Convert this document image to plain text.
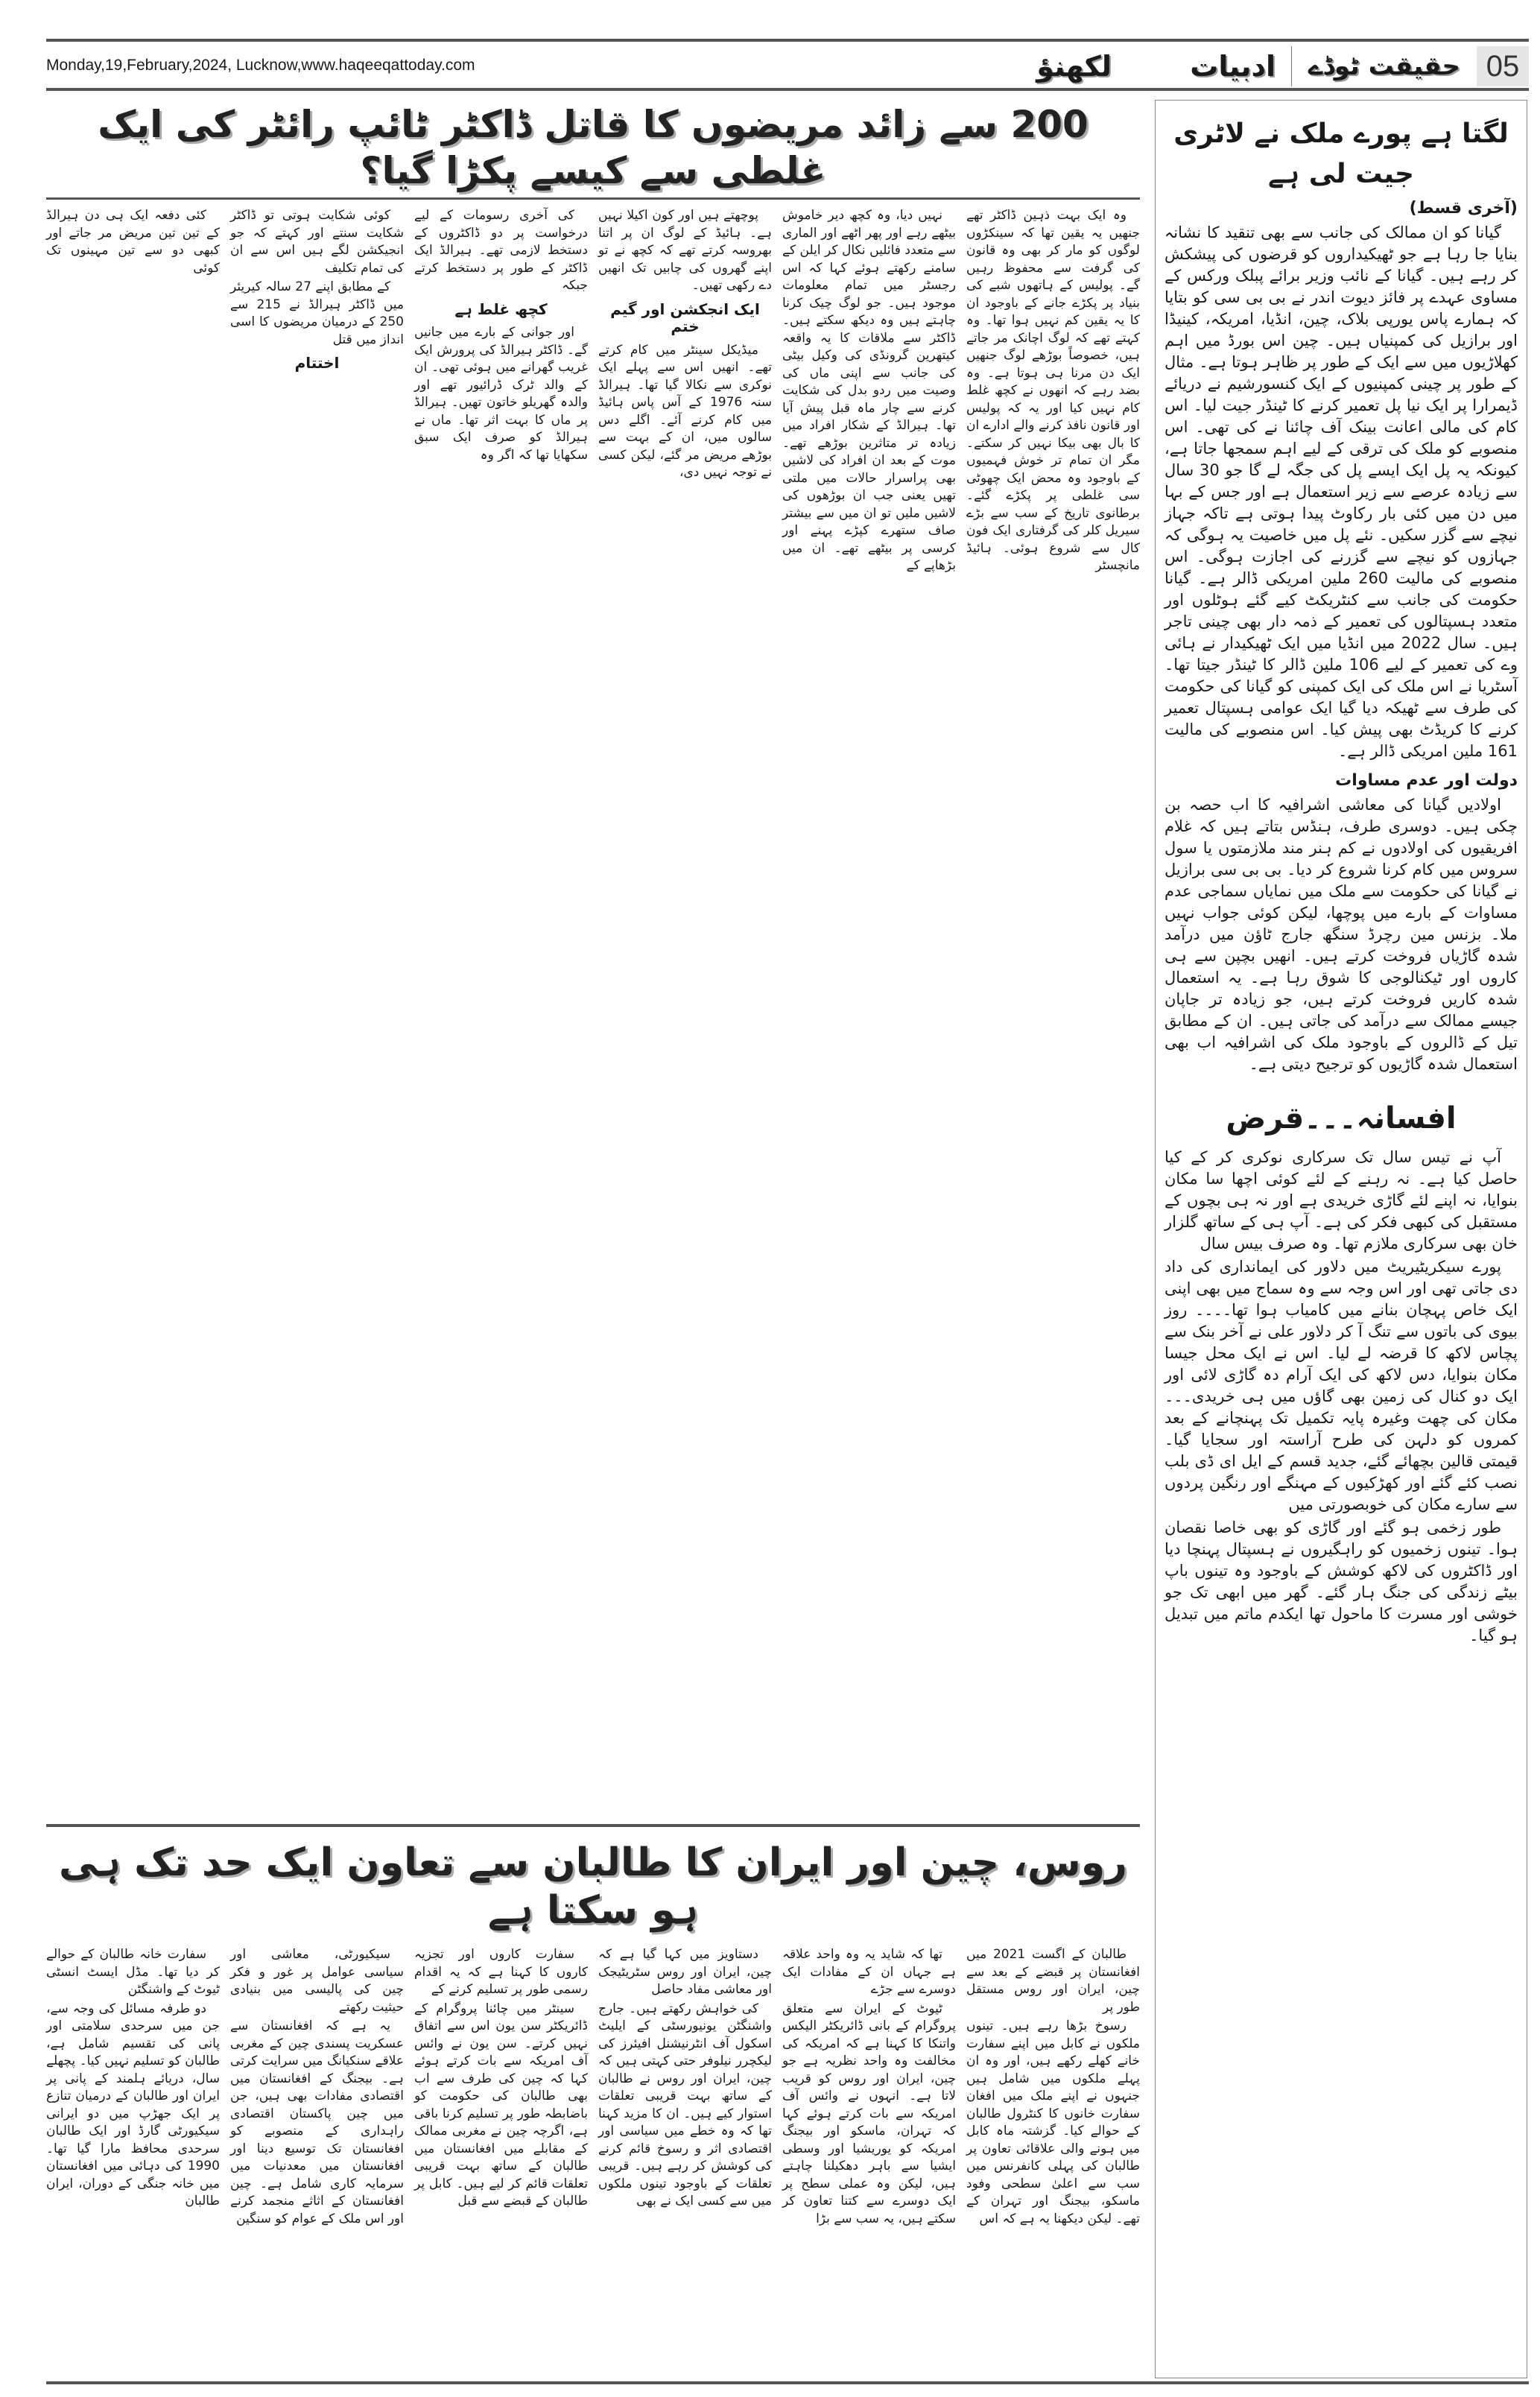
Monday,19,February,2024, Lucknow,www.haqeeqattoday.com	لکھنؤ	ادبیات حقیقت ٹوڈے 05
200 سے زائد مریضوں کا قاتل ڈاکٹر ٹائپ رائٹر کی ایک غلطی سے کیسے پکڑا گیا؟

وہ ایک بہت ذہین ڈاکٹر تھے جنھیں یہ یقین تھا کہ سینکڑوں لوگوں کو مار کر بھی وہ قانون کی گرفت سے محفوظ رہیں گے۔ پولیس کے ہاتھوں شبے کی بنیاد پر پکڑے جانے کے باوجود ان کا یہ یقین کم نہیں ہوا تھا۔ وہ کہتے تھے کہ لوگ اچانک مر جاتے ہیں، خصوصاً بوڑھے لوگ جنھیں ایک دن مرنا ہی ہوتا ہے۔ وہ بضد رہے کہ انھوں نے کچھ غلط کام نہیں کیا اور یہ کہ پولیس اور قانون نافذ کرنے والے ادارے ان کا بال بھی بیکا نہیں کر سکتے۔ مگر ان تمام تر خوش فہمیوں کے باوجود وہ محض ایک چھوٹی سی غلطی پر پکڑے گئے۔ برطانوی تاریخ کے سب سے بڑے سیریل کلر کی گرفتاری ایک فون کال سے شروع ہوئی۔ ہائیڈ مانچسٹر

نہیں دیا، وہ کچھ دیر خاموش بیٹھے رہے اور پھر اٹھے اور الماری سے متعدد فائلیں نکال کر ایلن کے سامنے رکھتے ہوئے کہا کہ اس رجسٹر میں تمام معلومات موجود ہیں۔ جو لوگ چیک کرنا چاہتے ہیں وہ دیکھ سکتے ہیں۔ ڈاکٹر سے ملاقات کا یہ واقعہ کیتھرین گرونڈی کی وکیل بیٹی کی جانب سے اپنی ماں کی وصیت میں ردو بدل کی شکایت کرنے سے چار ماہ قبل پیش آیا تھا۔ ہیرالڈ کے شکار افراد میں زیادہ تر متاثرین بوڑھے تھے۔ موت کے بعد ان افراد کی لاشیں بھی پراسرار حالات میں ملتی تھیں یعنی جب ان بوڑھوں کی لاشیں ملیں تو ان میں سے بیشتر صاف ستھرے کپڑے پہنے اور کرسی پر بیٹھے تھے۔ ان میں بڑھاپے کے

پوچھتے ہیں اور کون اکیلا نہیں ہے۔ ہائیڈ کے لوگ ان پر اتنا بھروسہ کرتے تھے کہ کچھ نے تو اپنے گھروں کی چابیں تک انھیں دے رکھی تھیں۔

ایک انجکشن اور گیم ختم

میڈیکل سینٹر میں کام کرتے تھے۔ انھیں اس سے پہلے ایک نوکری سے نکالا گیا تھا۔ ہیرالڈ سنہ 1976 کے آس پاس ہائیڈ میں کام کرنے آئے۔ اگلے دس سالوں میں، ان کے بہت سے بوڑھے مریض مر گئے، لیکن کسی نے توجہ نہیں دی،

کی آخری رسومات کے لیے درخواست پر دو ڈاکٹروں کے دستخط لازمی تھے۔ ہیرالڈ ایک ڈاکٹر کے طور پر دستخط کرتے جبکہ

کچھ غلط ہے

اور جوانی کے بارے میں جانیں گے۔ ڈاکٹر ہیرالڈ کی پرورش ایک غریب گھرانے میں ہوئی تھی۔ ان کے والد ٹرک ڈرائیور تھے اور والدہ گھریلو خاتون تھیں۔ ہیرالڈ پر ماں کا بہت اثر تھا۔ ماں نے ہیرالڈ کو صرف ایک سبق سکھایا تھا کہ اگر وہ

کوئی شکایت ہوتی تو ڈاکٹر شکایت سنتے اور کہتے کہ جو انجیکشن لگے ہیں اس سے ان کی تمام تکلیف

کے مطابق اپنے 27 سالہ کیریئر میں ڈاکٹر ہیرالڈ نے 215 سے 250 کے درمیان مریضوں کا اسی انداز میں قتل

اختتام

کئی دفعہ ایک ہی دن ہیرالڈ کے تین تین مریض مر جاتے اور کبھی دو سے تین مہینوں تک کوئی

روس، چین اور ایران کا طالبان سے تعاون ایک حد تک ہی ہو سکتا ہے

طالبان کے اگست 2021 میں افغانستان پر قبضے کے بعد سے چین، ایران اور روس مستقل طور پر

رسوخ بڑھا رہے ہیں۔ تینوں ملکوں نے کابل میں اپنے سفارت خانے کھلے رکھے ہیں، اور وہ ان پہلے ملکوں میں شامل ہیں جنہوں نے اپنے ملک میں افغان سفارت خانوں کا کنٹرول طالبان کے حوالے کیا۔ گزشتہ ماہ کابل میں ہونے والی علاقائی تعاون پر طالبان کی پہلی کانفرنس میں سب سے اعلیٰ سطحی وفود ماسکو، بیجنگ اور تہران کے تھے۔ لیکن دیکھنا یہ ہے کہ اس

تھا کہ شاید یہ وہ واحد علاقہ ہے جہاں ان کے مفادات ایک دوسرے سے جڑے

ٹیوٹ کے ایران سے متعلق پروگرام کے بانی ڈائریکٹر الیکس واتنکا کا کہنا ہے کہ امریکہ کی مخالفت وہ واحد نظریہ ہے جو چین، ایران اور روس کو قریب لاتا ہے۔ انہوں نے وائس آف امریکہ سے بات کرتے ہوئے کہا کہ تہران، ماسکو اور بیجنگ امریکہ کو یوریشیا اور وسطی ایشیا سے باہر دھکیلنا چاہتے ہیں، لیکن وہ عملی سطح پر ایک دوسرے سے کتنا تعاون کر سکتے ہیں، یہ سب سے بڑا

دستاویز میں کہا گیا ہے کہ چین، ایران اور روس سٹریٹیجک اور معاشی مفاد حاصل

کی خواہش رکھتے ہیں۔ جارج واشنگٹن یونیورسٹی کے ایلیٹ اسکول آف انٹرنیشنل افیئرز کی لیکچرر نیلوفر حتی کہتی ہیں کہ چین، ایران اور روس نے طالبان کے ساتھ بہت قریبی تعلقات استوار کیے ہیں۔ ان کا مزید کہنا تھا کہ وہ خطے میں سیاسی اور اقتصادی اثر و رسوخ قائم کرنے کی کوشش کر رہے ہیں۔ قریبی تعلقات کے باوجود تینوں ملکوں میں سے کسی ایک نے بھی

سفارت کاروں اور تجزیہ کاروں کا کہنا ہے کہ یہ اقدام رسمی طور پر تسلیم کرنے کے

سینٹر میں چائنا پروگرام کے ڈائریکٹر سن یون اس سے اتفاق نہیں کرتے۔ سن یون نے وائس آف امریکہ سے بات کرتے ہوئے کہا کہ چین کی طرف سے اب بھی طالبان کی حکومت کو باضابطہ طور پر تسلیم کرنا باقی ہے، اگرچہ چین نے مغربی ممالک کے مقابلے میں افغانستان میں طالبان کے ساتھ بہت قریبی تعلقات قائم کر لیے ہیں۔ کابل پر طالبان کے قبضے سے قبل

سیکیورٹی، معاشی اور سیاسی عوامل پر غور و فکر چین کی پالیسی میں بنیادی حیثیت رکھتے

یہ ہے کہ افغانستان سے عسکریت پسندی چین کے مغربی علاقے سنکیانگ میں سرایت کرتی ہے۔ بیجنگ کے افغانستان میں اقتصادی مفادات بھی ہیں، جن میں چین پاکستان اقتصادی راہداری کے منصوبے کو افغانستان تک توسیع دینا اور افغانستان میں معدنیات میں سرمایہ کاری شامل ہے۔ چین افغانستان کے اثاثے منجمد کرنے اور اس ملک کے عوام کو سنگین

سفارت خانہ طالبان کے حوالے کر دیا تھا۔ مڈل ایسٹ انسٹی ٹیوٹ کے واشنگٹن

دو طرفہ مسائل کی وجہ سے، جن میں سرحدی سلامتی اور پانی کی تقسیم شامل ہے، طالبان کو تسلیم نہیں کیا۔ پچھلے سال، دریائے ہلمند کے پانی پر ایران اور طالبان کے درمیان تنازع پر ایک جھڑپ میں دو ایرانی سیکیورٹی گارڈ اور ایک طالبان سرحدی محافظ مارا گیا تھا۔ 1990 کی دہائی میں افغانستان میں خانہ جنگی کے دوران، ایران طالبان

لگتا ہے پورے ملک نے لاٹری جیت لی ہے
(آخری قسط)

گیانا کو ان ممالک کی جانب سے بھی تنقید کا نشانہ بنایا جا رہا ہے جو ٹھیکیداروں کو قرضوں کی پیشکش کر رہے ہیں۔ گیانا کے نائب وزیر برائے پبلک ورکس کے مساوی عہدے پر فائز دیوت اندر نے بی بی سی کو بتایا کہ ہمارے پاس یورپی بلاک، چین، انڈیا، امریکہ، کینیڈا اور برازیل کی کمپنیاں ہیں۔ چین اس بورڈ میں اہم کھلاڑیوں میں سے ایک کے طور پر ظاہر ہوتا ہے۔ مثال کے طور پر چینی کمپنیوں کے ایک کنسورشیم نے دریائے ڈیمرارا پر ایک نیا پل تعمیر کرنے کا ٹینڈر جیت لیا۔ اس کام کی مالی اعانت بینک آف چائنا نے کی تھی۔ اس منصوبے کو ملک کی ترقی کے لیے اہم سمجھا جاتا ہے، کیونکہ یہ پل ایک ایسے پل کی جگہ لے گا جو 30 سال سے زیادہ عرصے سے زیر استعمال ہے اور جس کے بہا میں دن میں کئی بار رکاوٹ پیدا ہوتی ہے تاکہ جہاز نیچے سے گزر سکیں۔ نئے پل میں خاصیت یہ ہوگی کہ جہازوں کو نیچے سے گزرنے کی اجازت ہوگی۔ اس منصوبے کی مالیت 260 ملین امریکی ڈالر ہے۔ گیانا حکومت کی جانب سے کنٹریکٹ کیے گئے ہوٹلوں اور متعدد ہسپتالوں کی تعمیر کے ذمہ دار بھی چینی تاجر ہیں۔ سال 2022 میں انڈیا میں ایک ٹھیکیدار نے ہائی وے کی تعمیر کے لیے 106 ملین ڈالر کا ٹینڈر جیتا تھا۔ آسٹریا نے اس ملک کی ایک کمپنی کو گیانا کی حکومت کی طرف سے ٹھیکہ دیا گیا ایک عوامی ہسپتال تعمیر کرنے کا کریڈٹ بھی پیش کیا۔ اس منصوبے کی مالیت 161 ملین امریکی ڈالر ہے۔

دولت اور عدم مساوات

اولادیں گیانا کی معاشی اشرافیہ کا اب حصہ بن چکی ہیں۔ دوسری طرف، ہنڈس بتاتے ہیں کہ غلام افریقیوں کی اولادوں نے کم ہنر مند ملازمتوں یا سول سروس میں کام کرنا شروع کر دیا۔ بی بی سی برازیل نے گیانا کی حکومت سے ملک میں نمایاں سماجی عدم مساوات کے بارے میں پوچھا، لیکن کوئی جواب نہیں ملا۔ بزنس مین رچرڈ سنگھ جارج ٹاؤن میں درآمد شدہ گاڑیاں فروخت کرتے ہیں۔ انھیں بچپن سے ہی کاروں اور ٹیکنالوجی کا شوق رہا ہے۔ یہ استعمال شدہ کاریں فروخت کرتے ہیں، جو زیادہ تر جاپان جیسے ممالک سے درآمد کی جاتی ہیں۔ ان کے مطابق تیل کے ڈالروں کے باوجود ملک کی اشرافیہ اب بھی استعمال شدہ گاڑیوں کو ترجیح دیتی ہے۔

افسانہ۔۔۔قرض

آپ نے تیس سال تک سرکاری نوکری کر کے کیا حاصل کیا ہے۔ نہ رہنے کے لئے کوئی اچھا سا مکان بنوایا، نہ اپنے لئے گاڑی خریدی ہے اور نہ ہی بچوں کے مستقبل کی کبھی فکر کی ہے۔ آپ ہی کے ساتھ گلزار خان بھی سرکاری ملازم تھا۔ وہ صرف بیس سال

پورے سیکریٹیریٹ میں دلاور کی ایمانداری کی داد دی جاتی تھی اور اس وجہ سے وہ سماج میں بھی اپنی ایک خاص پہچان بنانے میں کامیاب ہوا تھا۔۔۔۔ روز بیوی کی باتوں سے تنگ آ کر دلاور علی نے آخر بنک سے پچاس لاکھ کا قرضہ لے لیا۔ اس نے ایک محل جیسا مکان بنوایا، دس لاکھ کی ایک آرام دہ گاڑی لائی اور ایک دو کنال کی زمین بھی گاؤں میں ہی خریدی۔۔۔ مکان کی چھت وغیرہ پایہ تکمیل تک پہنچانے کے بعد کمروں کو دلہن کی طرح آراستہ اور سجایا گیا۔ قیمتی قالین بچھائے گئے، جدید قسم کے ایل ای ڈی بلب نصب کئے گئے اور کھڑکیوں کے مہنگے اور رنگین پردوں سے سارے مکان کی خوبصورتی میں

طور زخمی ہو گئے اور گاڑی کو بھی خاصا نقصان ہوا۔ تینوں زخمیوں کو راہگیروں نے ہسپتال پہنچا دیا اور ڈاکٹروں کی لاکھ کوشش کے باوجود وہ تینوں باپ بیٹے زندگی کی جنگ ہار گئے۔ گھر میں ابھی تک جو خوشی اور مسرت کا ماحول تھا ایکدم ماتم میں تبدیل ہو گیا۔
